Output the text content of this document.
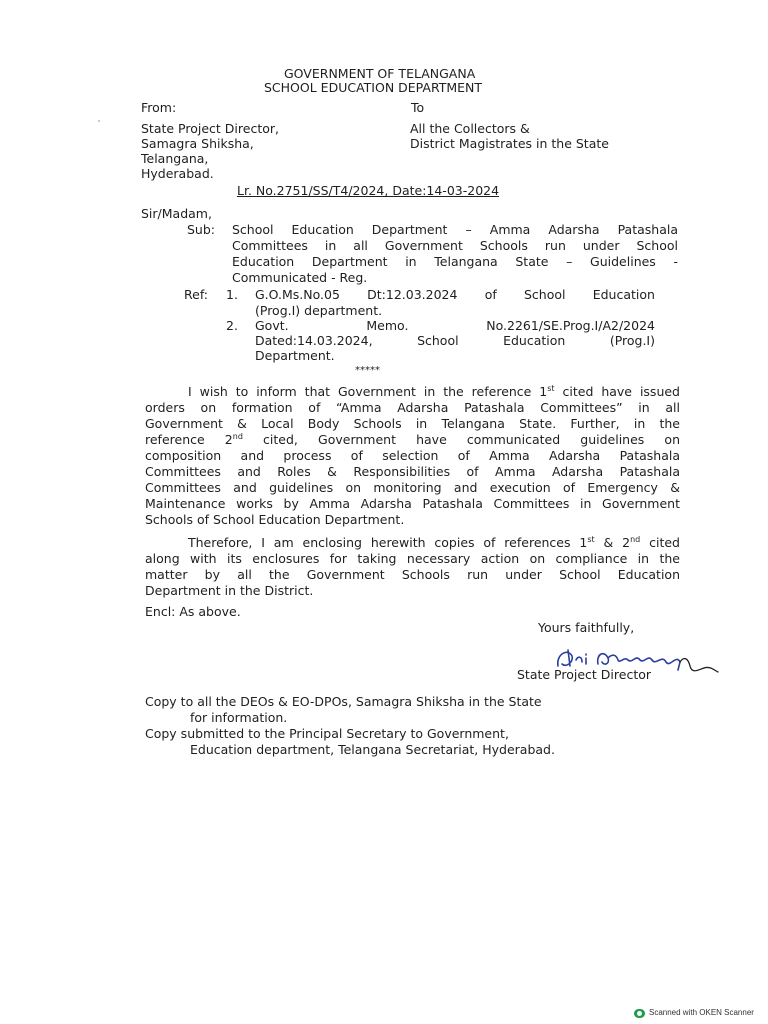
GOVERNMENT OF TELANGANA
SCHOOL EDUCATION DEPARTMENT
From:	To
State Project Director,
Samagra Shiksha,
Telangana,
Hyderabad.
All the Collectors &
District Magistrates in the State
Lr. No.2751/SS/T4/2024, Date:14-03-2024
Sir/Madam,
Sub: School Education Department – Amma Adarsha Patashala
Committees in all Government Schools run under School
Education Department in Telangana State – Guidelines -
Communicated - Reg.
Ref: 1. G.O.Ms.No.05 Dt:12.03.2024 of School Education
(Prog.I) department.
2. Govt.	Memo.	No.2261/SE.Prog.I/A2/2024
Dated:14.03.2024,	School	Education	(Prog.I)
Department.
*****
I wish to inform that Government in the reference 1st cited have issued
orders on formation of “Amma Adarsha Patashala Committees” in all
Government & Local Body Schools in Telangana State. Further, in the
reference 2nd cited, Government have communicated guidelines on
composition and process of selection of Amma Adarsha Patashala
Committees and Roles & Responsibilities of Amma Adarsha Patashala
Committees and guidelines on monitoring and execution of Emergency &
Maintenance works by Amma Adarsha Patashala Committees in Government
Schools of School Education Department.
Therefore, I am enclosing herewith copies of references 1st & 2nd cited
along with its enclosures for taking necessary action on compliance in the
matter by all the Government Schools run under School Education
Department in the District.
Encl: As above.
Yours faithfully,
State Project Director
Copy to all the DEOs & EO-DPOs, Samagra Shiksha in the State
for information.
Copy submitted to the Principal Secretary to Government,
Education department, Telangana Secretariat, Hyderabad.
Scanned with OKEN Scanner
